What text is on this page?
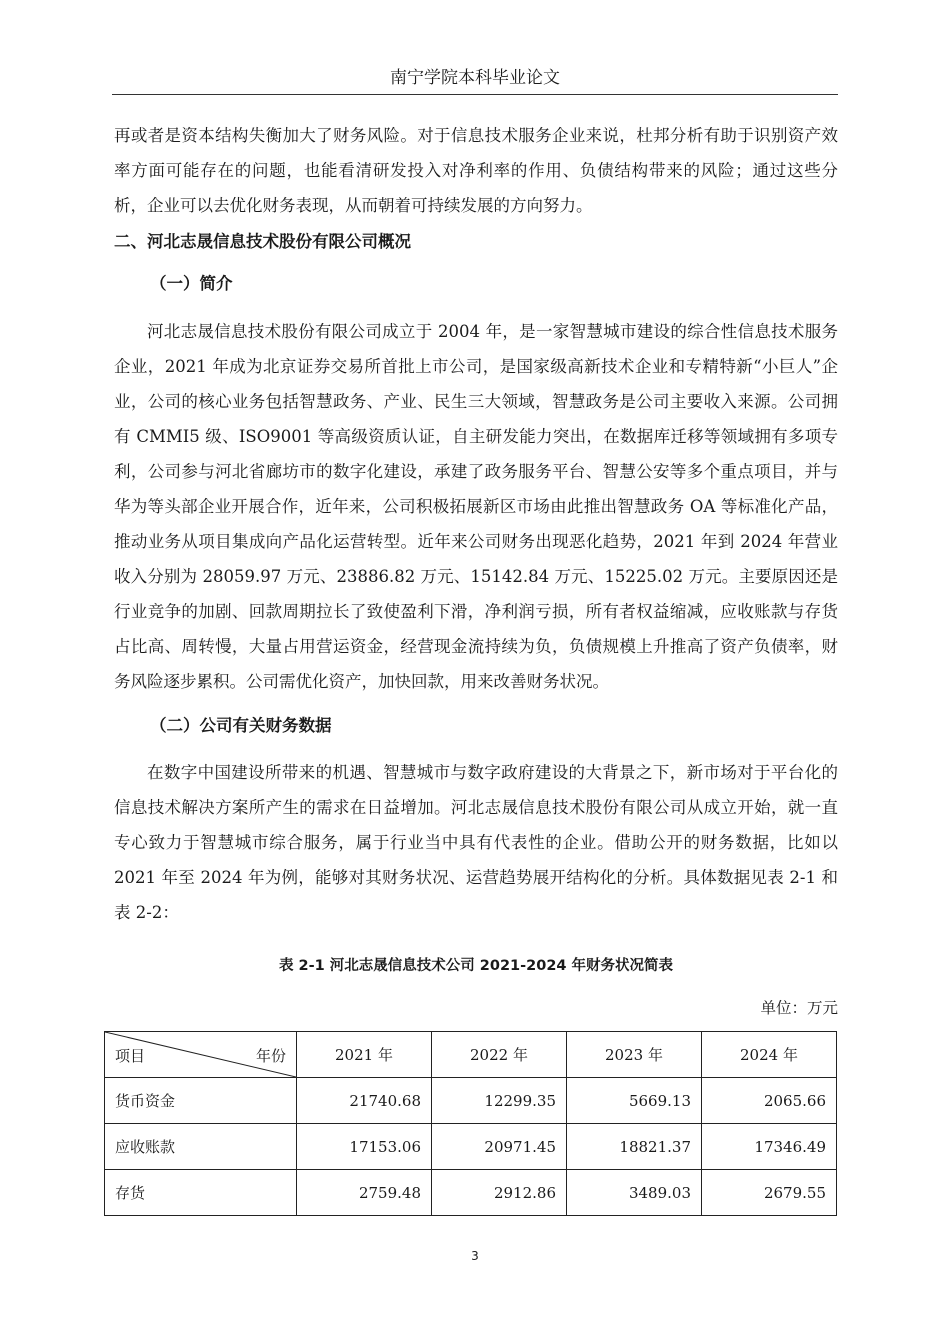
南宁学院本科毕业论文

再或者是资本结构失衡加大了财务风险。对于信息技术服务企业来说，杜邦分析有助于识别资产效率方面可能存在的问题，也能看清研发投入对净利率的作用、负债结构带来的风险；通过这些分析，企业可以去优化财务表现，从而朝着可持续发展的方向努力。

二、河北志晟信息技术股份有限公司概况

（一）简介

河北志晟信息技术股份有限公司成立于 2004 年，是一家智慧城市建设的综合性信息技术服务企业，2021 年成为北京证券交易所首批上市公司，是国家级高新技术企业和专精特新“小巨人”企业，公司的核心业务包括智慧政务、产业、民生三大领域，智慧政务是公司主要收入来源。公司拥有 CMMI5 级、ISO9001 等高级资质认证，自主研发能力突出，在数据库迁移等领域拥有多项专利，公司参与河北省廊坊市的数字化建设，承建了政务服务平台、智慧公安等多个重点项目，并与华为等头部企业开展合作，近年来，公司积极拓展新区市场由此推出智慧政务 OA 等标准化产品，推动业务从项目集成向产品化运营转型。近年来公司财务出现恶化趋势，2021 年到 2024 年营业收入分别为 28059.97 万元、23886.82 万元、15142.84 万元、15225.02 万元。主要原因还是行业竞争的加剧、回款周期拉长了致使盈利下滑，净利润亏损，所有者权益缩减，应收账款与存货占比高、周转慢，大量占用营运资金，经营现金流持续为负，负债规模上升推高了资产负债率，财务风险逐步累积。公司需优化资产，加快回款，用来改善财务状况。

（二）公司有关财务数据

在数字中国建设所带来的机遇、智慧城市与数字政府建设的大背景之下，新市场对于平台化的信息技术解决方案所产生的需求在日益增加。河北志晟信息技术股份有限公司从成立开始，就一直专心致力于智慧城市综合服务，属于行业当中具有代表性的企业。借助公开的财务数据，比如以 2021 年至 2024 年为例，能够对其财务状况、运营趋势展开结构化的分析。具体数据见表 2-1 和表 2-2：

表 2-1 河北志晟信息技术公司 2021-2024 年财务状况简表
单位：万元
项目 年份	2021 年	2022 年	2023 年	2024 年
货币资金	21740.68	12299.35	5669.13	2065.66
应收账款	17153.06	20971.45	18821.37	17346.49
存货	2759.48	2912.86	3489.03	2679.55
3
